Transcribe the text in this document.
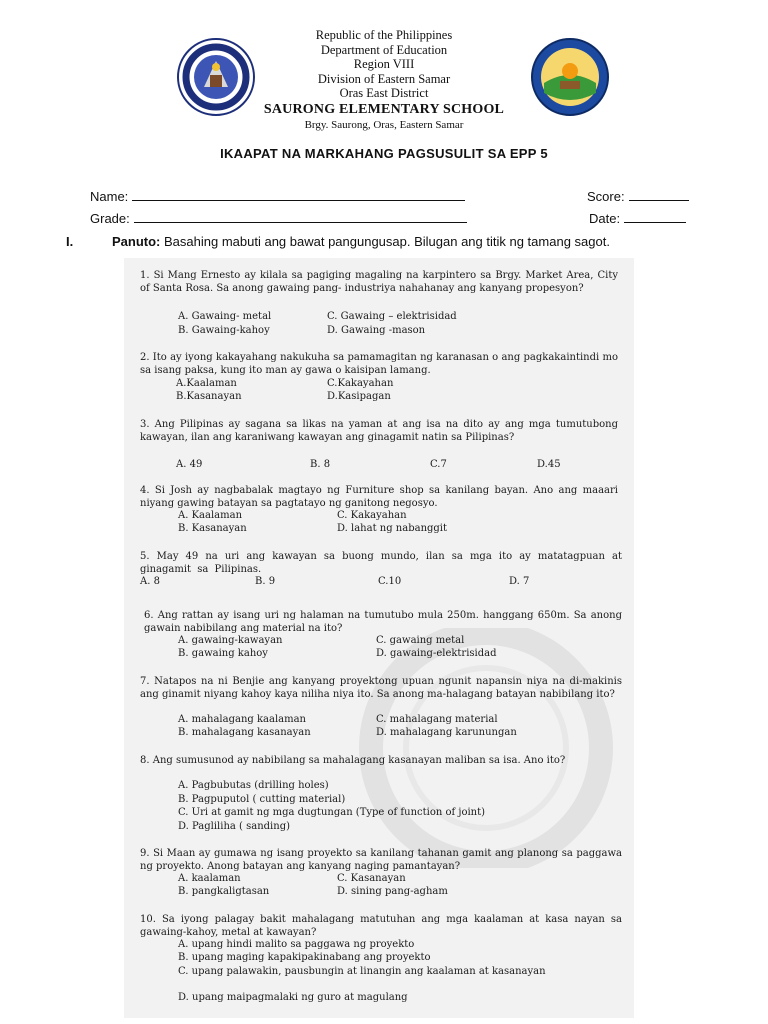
Republic of the Philippines
Department of Education
Region VIII
Division of Eastern Samar
Oras East District
SAURONG ELEMENTARY SCHOOL
Brgy. Saurong, Oras, Eastern Samar
IKAAPAT NA MARKAHANG PAGSUSULIT SA EPP 5
Name:
Grade:
Score:
Date:
I.	Panuto: Basahing mabuti ang bawat pangungusap. Bilugan ang titik ng tamang sagot.

1. Si Mang Ernesto ay kilala sa pagiging magaling na karpintero sa Brgy. Market Area, City of Santa Rosa. Sa anong gawaing pang- industriya nahahanay ang kanyang propesyon?

A. Gawaing- metal	C. Gawaing – elektrisidad
B. Gawaing-kahoy	D. Gawaing -mason

2. Ito ay iyong kakayahang nakukuha sa pamamagitan ng karanasan o ang pagkakaintindi mo sa isang paksa, kung ito man ay gawa o kaisipan lamang.

A.Kaalaman	C.Kakayahan
B.Kasanayan	D.Kasipagan

3. Ang Pilipinas ay sagana sa likas na yaman at ang isa na dito ay ang mga tumutubong kawayan, ilan ang karaniwang kawayan ang ginagamit natin sa Pilipinas?

A. 49	B. 8	C.7	D.45

4. Si Josh ay nagbabalak magtayo ng Furniture shop sa kanilang bayan. Ano ang maaari niyang gawing batayan sa pagtatayo ng ganitong negosyo.

A. Kaalaman	C. Kakayahan
B. Kasanayan	D. lahat ng nabanggit

5. May 49 na uri ang kawayan sa buong mundo, ilan sa mga ito ay matatagpuan at ginagamit sa Pilipinas.

A. 8	B. 9	C.10	D. 7

6. Ang rattan ay isang uri ng halaman na tumutubo mula 250m. hanggang 650m. Sa anong gawain nabibilang ang material na ito?

A. gawaing-kawayan	C. gawaing metal
B. gawaing kahoy	D. gawaing-elektrisidad

7. Natapos na ni Benjie ang kanyang proyektong upuan ngunit napansin niya na di-makinis ang ginamit niyang kahoy kaya niliha niya ito. Sa anong ma-halagang batayan nabibilang ito?

A. mahalagang kaalaman	C. mahalagang material
B. mahalagang kasanayan	D. mahalagang karunungan

8. Ang sumusunod ay nabibilang sa mahalagang kasanayan maliban sa isa. Ano ito?

A. Pagbubutas (drilling holes)
B. Pagpuputol ( cutting material)
C. Uri at gamit ng mga dugtungan (Type of function of joint)
D. Pagliliha ( sanding)

9. Si Maan ay gumawa ng isang proyekto sa kanilang tahanan gamit ang planong sa paggawa ng proyekto. Anong batayan ang kanyang naging pamantayan?

A. kaalaman	C. Kasanayan
B. pangkaligtasan	D. sining pang-agham

10. Sa iyong palagay bakit mahalagang matutuhan ang mga kaalaman at kasa nayan sa gawaing-kahoy, metal at kawayan?

A. upang hindi malito sa paggawa ng proyekto
B. upang maging kapakipakinabang ang proyekto
C. upang palawakin, pausbungin at linangin ang kaalaman at kasanayan
D. upang maipagmalaki ng guro at magulang
